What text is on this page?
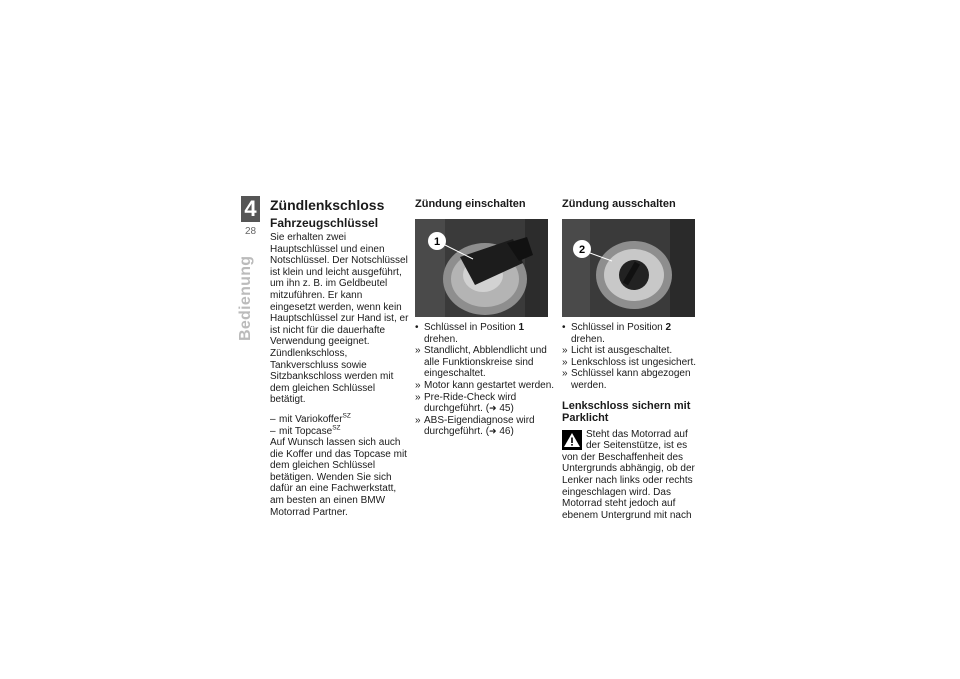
4
28
Bedienung
Zündlenkschloss
Fahrzeugschlüssel

Sie erhalten zwei Hauptschlüssel und einen Notschlüssel. Der Notschlüssel ist klein und leicht ausgeführt, um ihn z. B. im Geldbeutel mitzuführen. Er kann eingesetzt werden, wenn kein Hauptschlüssel zur Hand ist, er ist nicht für die dauerhafte Verwendung geeignet.

Zündlenkschloss, Tankverschluss sowie Sitzbankschloss werden mit dem gleichen Schlüssel betätigt.

– mit Variokoffer$^{SZ}$
– mit Topcase$^{SZ}$

Auf Wunsch lassen sich auch die Koffer und das Topcase mit dem gleichen Schlüssel betätigen. Wenden Sie sich dafür an eine Fachwerkstatt, am besten an einen BMW Motorrad Partner.

Zündung einschalten
1
• Schlüssel in Position 1 drehen.
» Standlicht, Abblendlicht und alle Funktionskreise sind eingeschaltet.
» Motor kann gestartet werden.
» Pre-Ride-Check wird durchgeführt. (➜ 45)
» ABS-Eigendiagnose wird durchgeführt. (➜ 46)
Zündung ausschalten
2
• Schlüssel in Position 2 drehen.
» Licht ist ausgeschaltet.
» Lenkschloss ist ungesichert.
» Schlüssel kann abgezogen werden.
Lenkschloss sichern mit Parklicht

Steht das Motorrad auf der Seitenstütze, ist es von der Beschaffenheit des Untergrunds abhängig, ob der Lenker nach links oder rechts eingeschlagen wird. Das Motorrad steht jedoch auf ebenem Untergrund mit nach
